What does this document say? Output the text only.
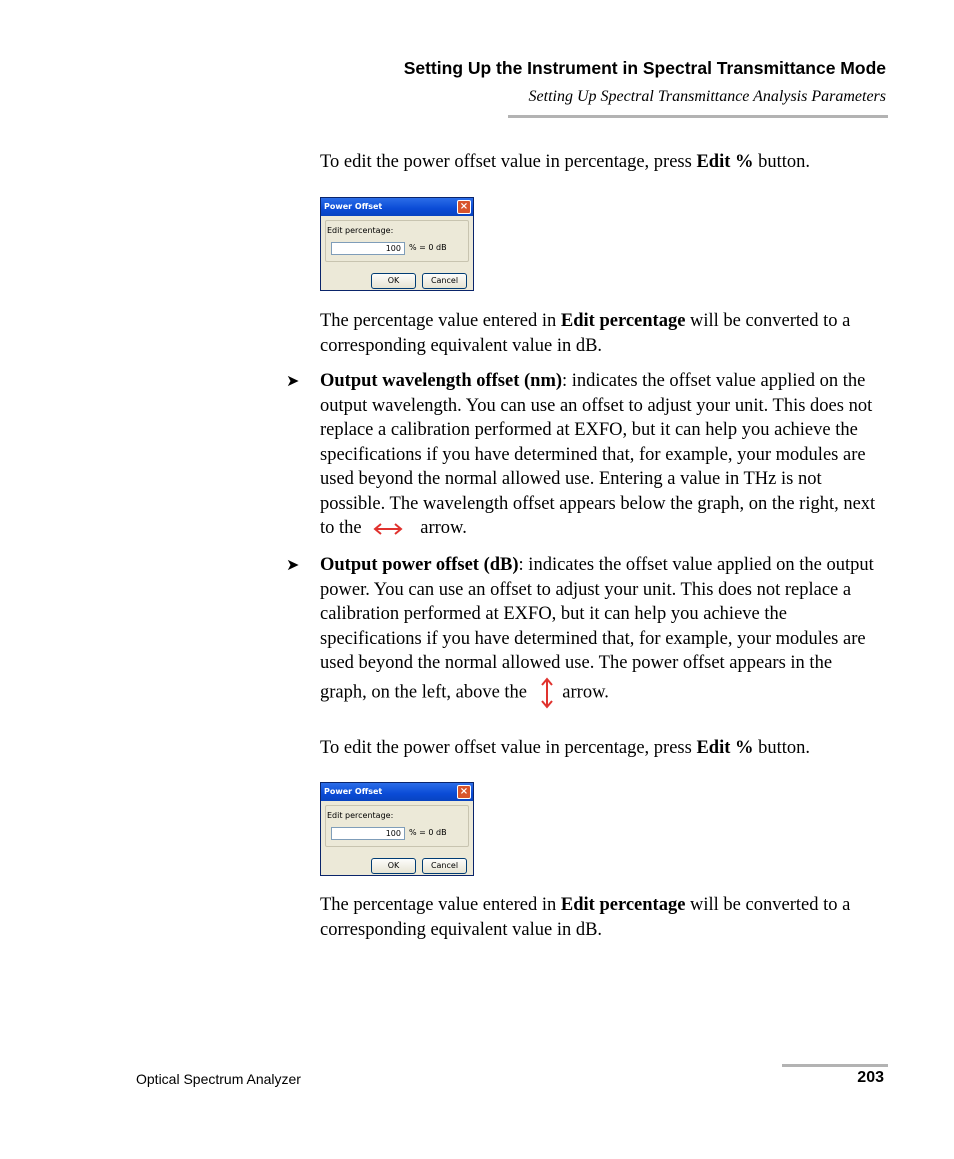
Setting Up the Instrument in Spectral Transmittance Mode
Setting Up Spectral Transmittance Analysis Parameters
To edit the power offset value in percentage, press Edit % button.
Power Offset	×
Edit percentage:
100	% = 0 dB
OK	Cancel
The percentage value entered in Edit percentage will be converted to a corresponding equivalent value in dB.
➤ Output wavelength offset (nm): indicates the offset value applied on the output wavelength. You can use an offset to adjust your unit. This does not replace a calibration performed at EXFO, but it can help you achieve the specifications if you have determined that, for example, your modules are used beyond the normal allowed use. Entering a value in THz is not possible. The wavelength offset appears below the graph, on the right, next to the	arrow.
➤ Output power offset (dB): indicates the offset value applied on the output power. You can use an offset to adjust your unit. This does not replace a calibration performed at EXFO, but it can help you achieve the specifications if you have determined that, for example, your modules are used beyond the normal allowed use. The power offset appears in the graph, on the left, above the arrow.
To edit the power offset value in percentage, press Edit % button.
Power Offset	×
Edit percentage:
100	% = 0 dB
OK	Cancel
The percentage value entered in Edit percentage will be converted to a corresponding equivalent value in dB.
Optical Spectrum Analyzer	203
